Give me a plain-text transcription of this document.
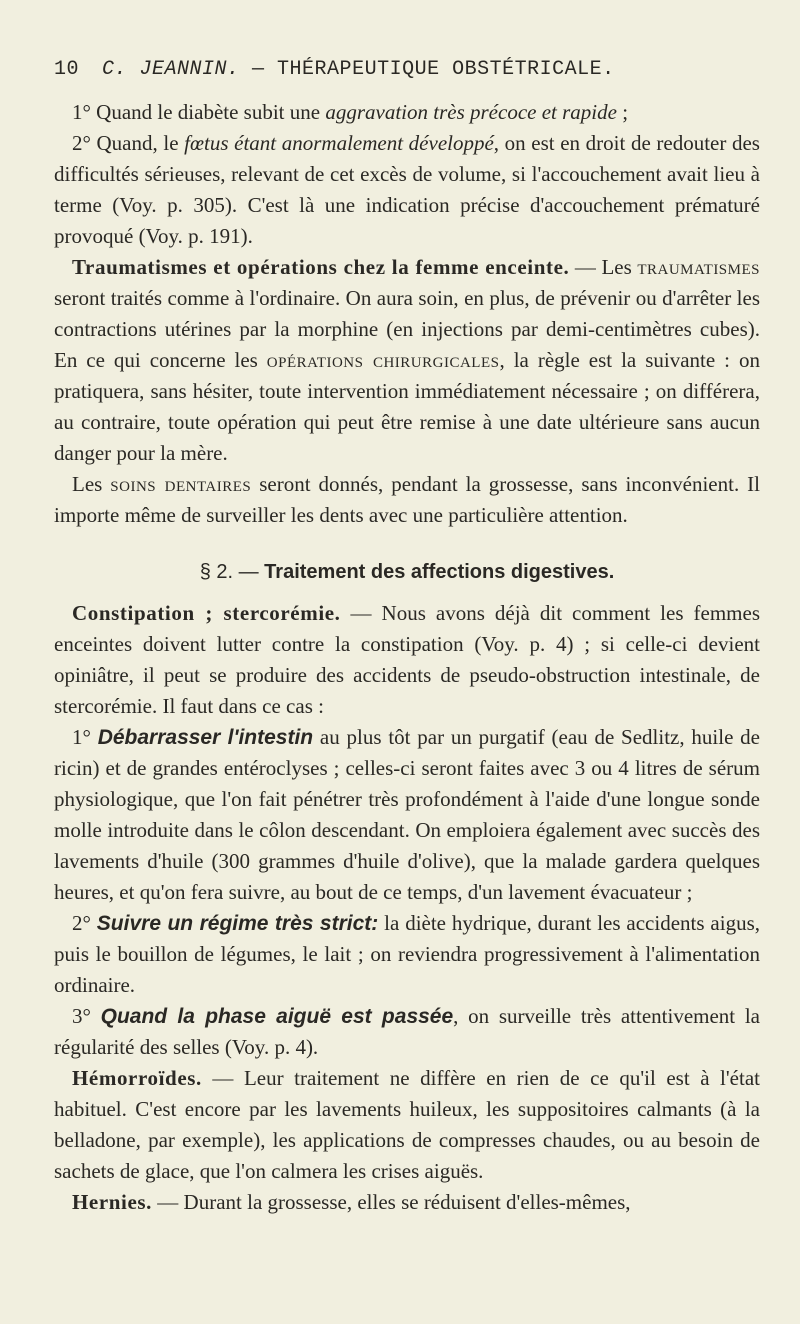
10	C. JEANNIN. — THÉRAPEUTIQUE OBSTÉTRICALE.

1° Quand le diabète subit une aggravation très précoce et rapide ;

2° Quand, le fœtus étant anormalement développé, on est en droit de redouter des difficultés sérieuses, relevant de cet excès de volume, si l'accouchement avait lieu à terme (Voy. p. 305). C'est là une indication précise d'accouchement prématuré provoqué (Voy. p. 191).

Traumatismes et opérations chez la femme enceinte. — Les traumatismes seront traités comme à l'ordinaire. On aura soin, en plus, de prévenir ou d'arrêter les contractions utérines par la morphine (en injections par demi-centimètres cubes). En ce qui concerne les opérations chirurgicales, la règle est la suivante : on pratiquera, sans hésiter, toute intervention immédiatement nécessaire ; on différera, au contraire, toute opération qui peut être remise à une date ultérieure sans aucun danger pour la mère.

Les soins dentaires seront donnés, pendant la grossesse, sans inconvénient. Il importe même de surveiller les dents avec une particulière attention.

§ 2. — Traitement des affections digestives.

Constipation ; stercorémie. — Nous avons déjà dit comment les femmes enceintes doivent lutter contre la constipation (Voy. p. 4) ; si celle-ci devient opiniâtre, il peut se produire des accidents de pseudo-obstruction intestinale, de stercorémie. Il faut dans ce cas :

1° Débarrasser l'intestin au plus tôt par un purgatif (eau de Sedlitz, huile de ricin) et de grandes entéroclyses ; celles-ci seront faites avec 3 ou 4 litres de sérum physiologique, que l'on fait pénétrer très profondément à l'aide d'une longue sonde molle introduite dans le côlon descendant. On emploiera également avec succès des lavements d'huile (300 grammes d'huile d'olive), que la malade gardera quelques heures, et qu'on fera suivre, au bout de ce temps, d'un lavement évacuateur ;

2° Suivre un régime très strict: la diète hydrique, durant les accidents aigus, puis le bouillon de légumes, le lait ; on reviendra progressivement à l'alimentation ordinaire.

3° Quand la phase aiguë est passée, on surveille très attentivement la régularité des selles (Voy. p. 4).

Hémorroïdes. — Leur traitement ne diffère en rien de ce qu'il est à l'état habituel. C'est encore par les lavements huileux, les suppositoires calmants (à la belladone, par exemple), les applications de compresses chaudes, ou au besoin de sachets de glace, que l'on calmera les crises aiguës.

Hernies. — Durant la grossesse, elles se réduisent d'elles-mêmes,
